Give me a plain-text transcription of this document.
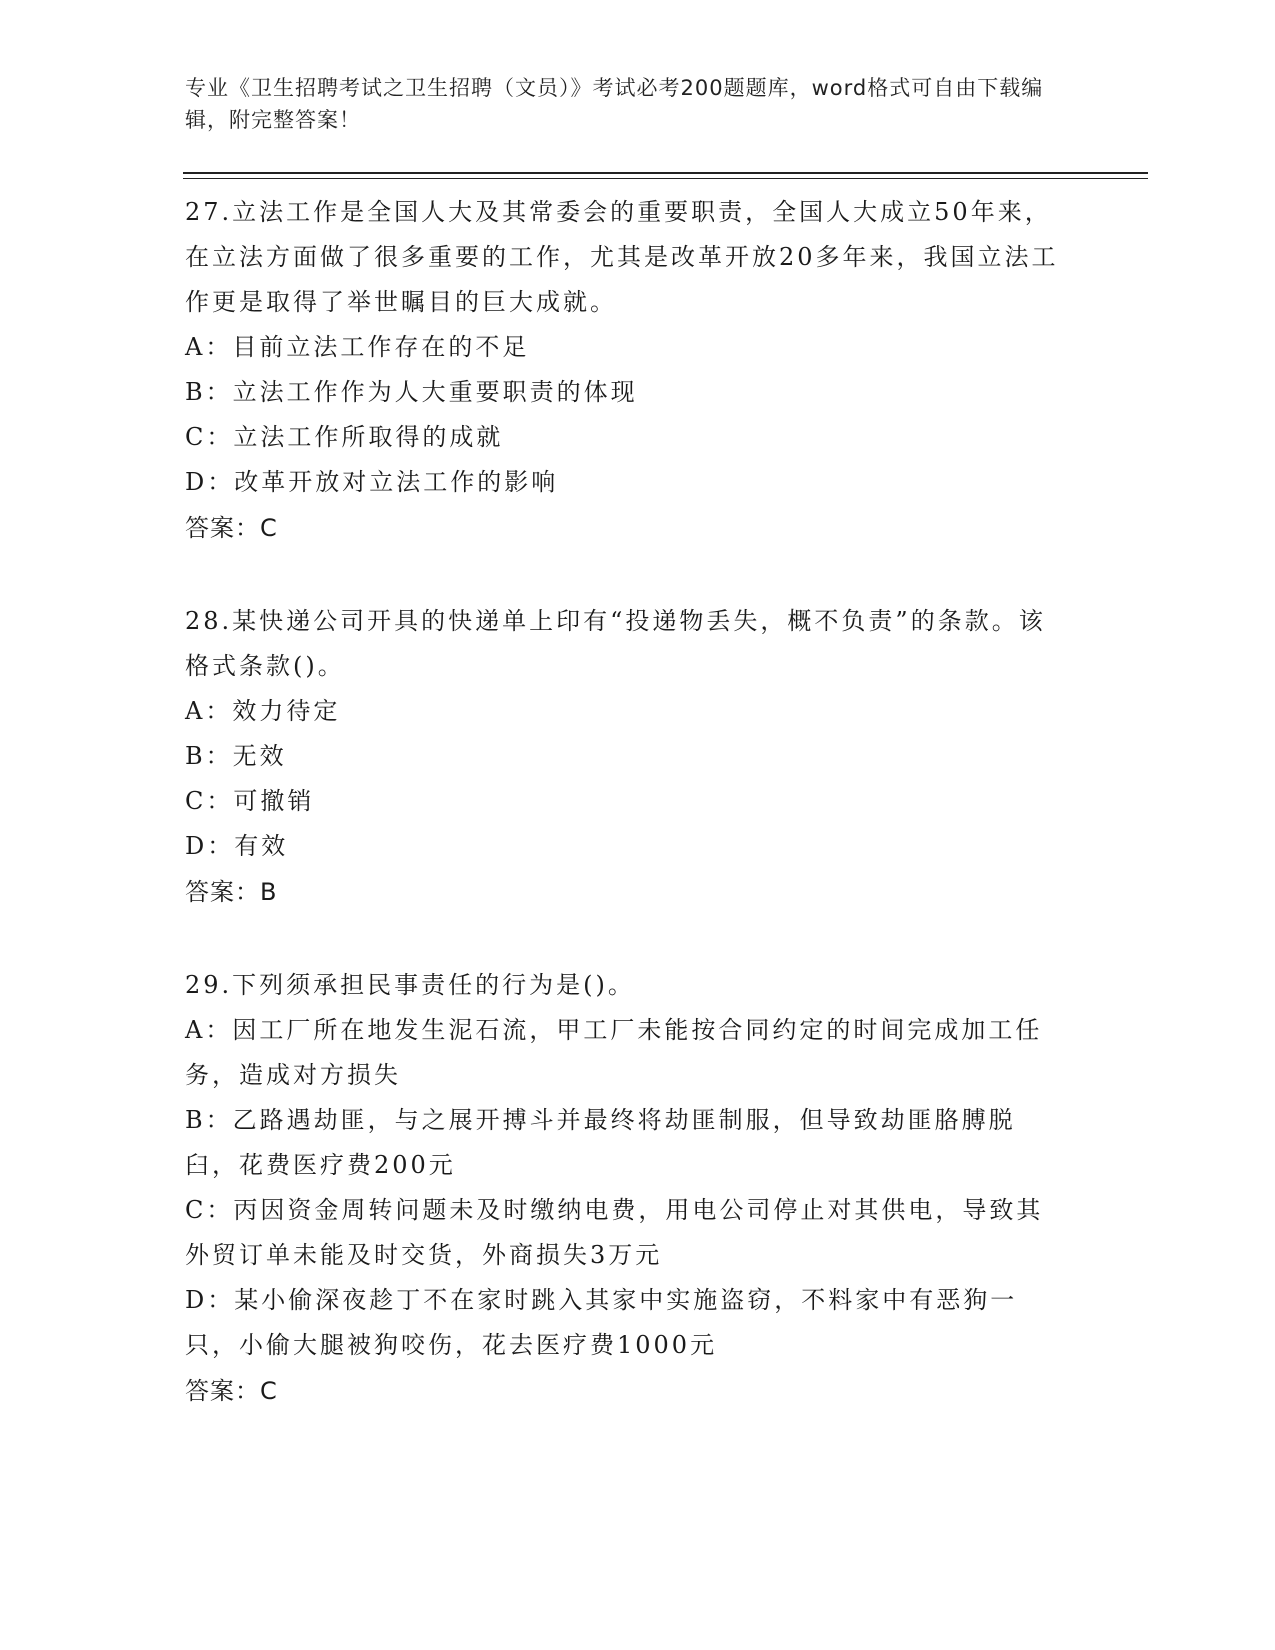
专业《卫生招聘考试之卫生招聘（文员）》考试必考200题题库，word格式可自由下载编辑，附完整答案！

27.立法工作是全国人大及其常委会的重要职责，全国人大成立50年来，在立法方面做了很多重要的工作，尤其是改革开放20多年来，我国立法工作更是取得了举世瞩目的巨大成就。

A：目前立法工作存在的不足

B：立法工作作为人大重要职责的体现

C：立法工作所取得的成就

D：改革开放对立法工作的影响

答案：C

28.某快递公司开具的快递单上印有“投递物丢失，概不负责”的条款。该格式条款()。

A：效力待定

B：无效

C：可撤销

D：有效

答案：B

29.下列须承担民事责任的行为是()。

A：因工厂所在地发生泥石流，甲工厂未能按合同约定的时间完成加工任务，造成对方损失

B：乙路遇劫匪，与之展开搏斗并最终将劫匪制服，但导致劫匪胳膊脱臼，花费医疗费200元

C：丙因资金周转问题未及时缴纳电费，用电公司停止对其供电，导致其外贸订单未能及时交货，外商损失3万元

D：某小偷深夜趁丁不在家时跳入其家中实施盗窃，不料家中有恶狗一只，小偷大腿被狗咬伤，花去医疗费1000元

答案：C
